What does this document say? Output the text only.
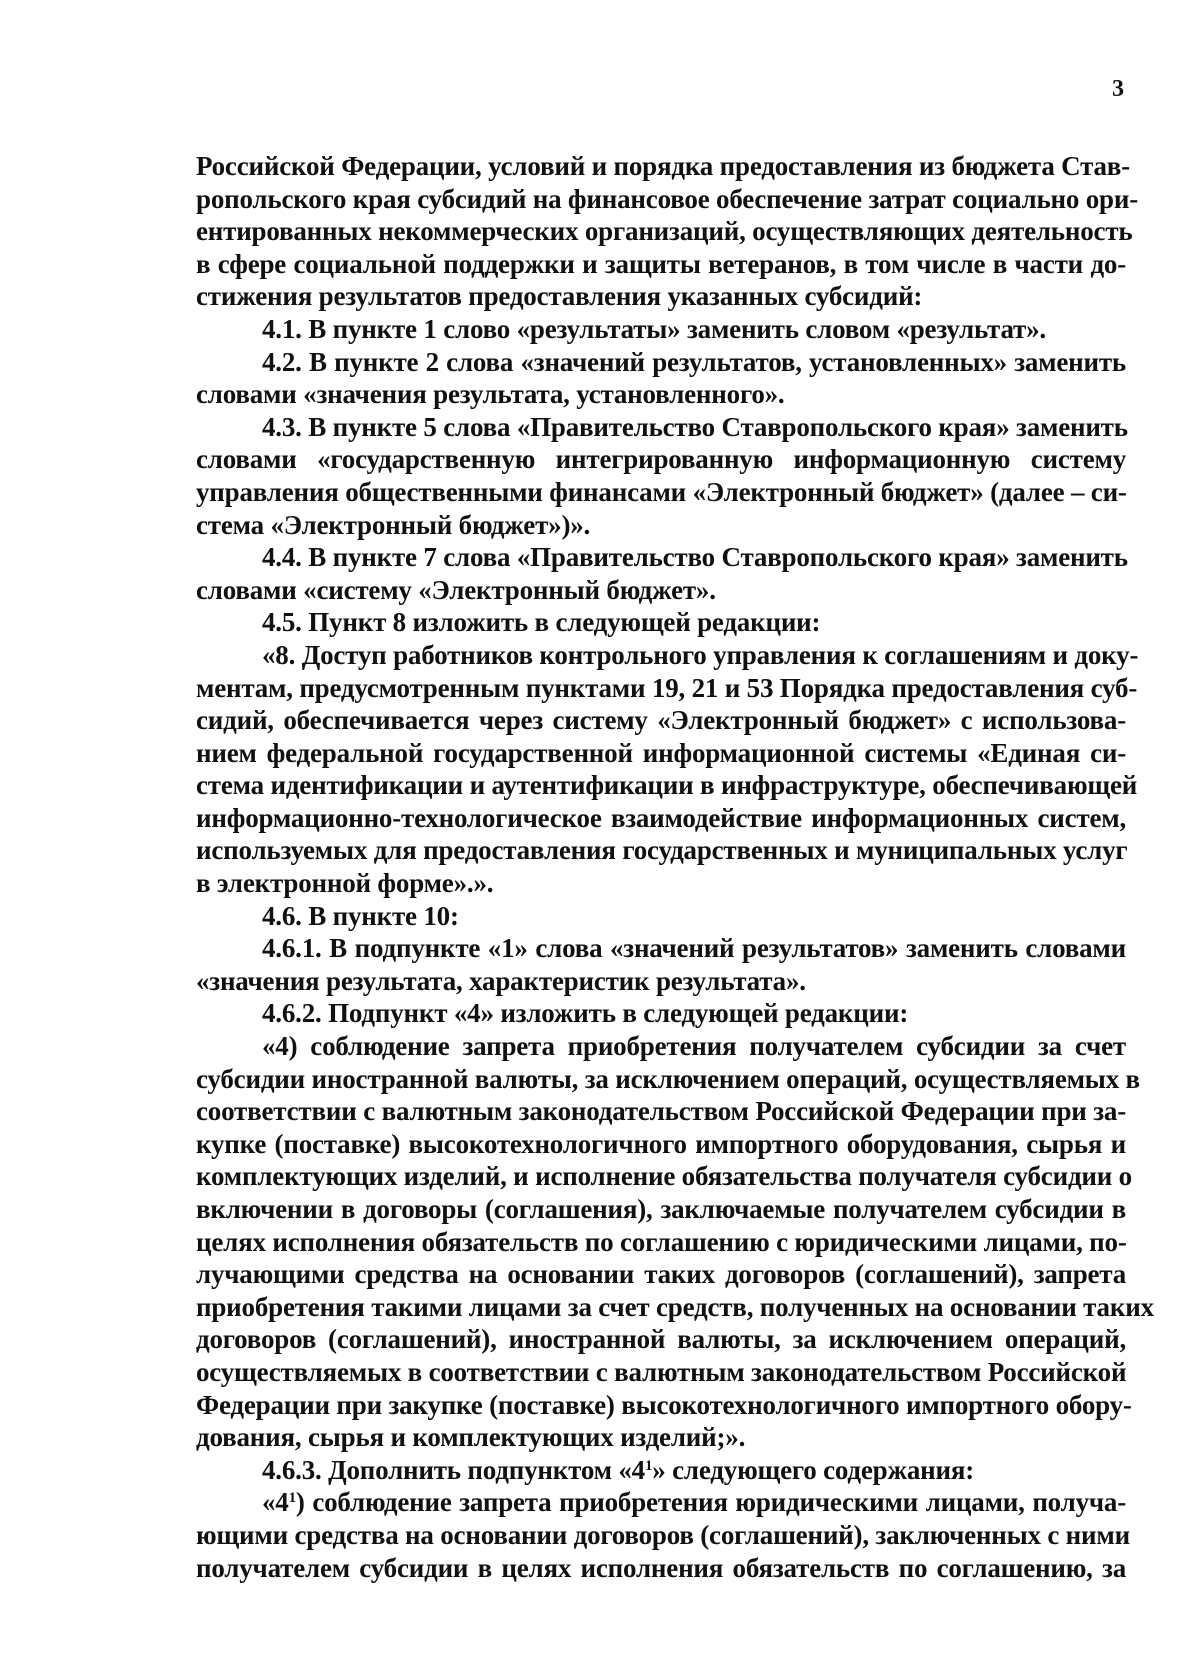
3
Российской Федерации, условий и порядка предоставления из бюджета Став-
ропольского края субсидий на финансовое обеспечение затрат социально ори-
ентированных некоммерческих организаций, осуществляющих деятельность
в сфере социальной поддержки и защиты ветеранов, в том числе в части до-
стижения результатов предоставления указанных субсидий:
4.1. В пункте 1 слово «результаты» заменить словом «результат».
4.2. В пункте 2 слова «значений результатов, установленных» заменить
словами «значения результата, установленного».
4.3. В пункте 5 слова «Правительство Ставропольского края» заменить
словами «государственную интегрированную информационную систему
управления общественными финансами «Электронный бюджет» (далее – си-
стема «Электронный бюджет»)».
4.4. В пункте 7 слова «Правительство Ставропольского края» заменить
словами «систему «Электронный бюджет».
4.5. Пункт 8 изложить в следующей редакции:
«8. Доступ работников контрольного управления к соглашениям и доку-
ментам, предусмотренным пунктами 19, 21 и 53 Порядка предоставления суб-
сидий, обеспечивается через систему «Электронный бюджет» с использова-
нием федеральной государственной информационной системы «Единая си-
стема идентификации и аутентификации в инфраструктуре, обеспечивающей
информационно-технологическое взаимодействие информационных систем,
используемых для предоставления государственных и муниципальных услуг
в электронной форме».».
4.6. В пункте 10:
4.6.1. В подпункте «1» слова «значений результатов» заменить словами
«значения результата, характеристик результата».
4.6.2. Подпункт «4» изложить в следующей редакции:
«4) соблюдение запрета приобретения получателем субсидии за счет
субсидии иностранной валюты, за исключением операций, осуществляемых в
соответствии с валютным законодательством Российской Федерации при за-
купке (поставке) высокотехнологичного импортного оборудования, сырья и
комплектующих изделий, и исполнение обязательства получателя субсидии о
включении в договоры (соглашения), заключаемые получателем субсидии в
целях исполнения обязательств по соглашению с юридическими лицами, по-
лучающими средства на основании таких договоров (соглашений), запрета
приобретения такими лицами за счет средств, полученных на основании таких
договоров (соглашений), иностранной валюты, за исключением операций,
осуществляемых в соответствии с валютным законодательством Российской
Федерации при закупке (поставке) высокотехнологичного импортного обору-
дования, сырья и комплектующих изделий;».
4.6.3. Дополнить подпунктом «$4^1$» следующего содержания:
«$4^1$) соблюдение запрета приобретения юридическими лицами, получа-
ющими средства на основании договоров (соглашений), заключенных с ними
получателем субсидии в целях исполнения обязательств по соглашению, за
